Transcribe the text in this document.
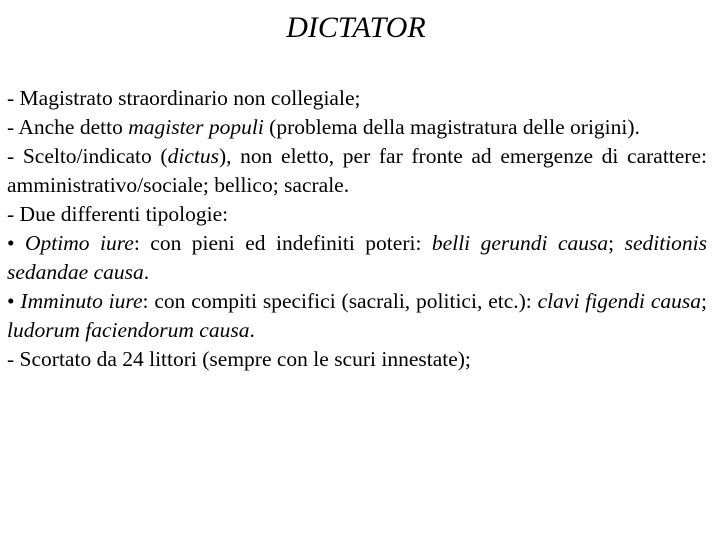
DICTATOR

- Magistrato straordinario non collegiale;

- Anche detto magister populi (problema della magistratura delle origini).

- Scelto/indicato (dictus), non eletto, per far fronte ad emergenze di carattere: amministrativo/sociale; bellico; sacrale.

- Due differenti tipologie:

• Optimo iure: con pieni ed indefiniti poteri: belli gerundi causa; seditionis sedandae causa.

• Imminuto iure: con compiti specifici (sacrali, politici, etc.): clavi figendi causa; ludorum faciendorum causa.

- Scortato da 24 littori (sempre con le scuri innestate);
